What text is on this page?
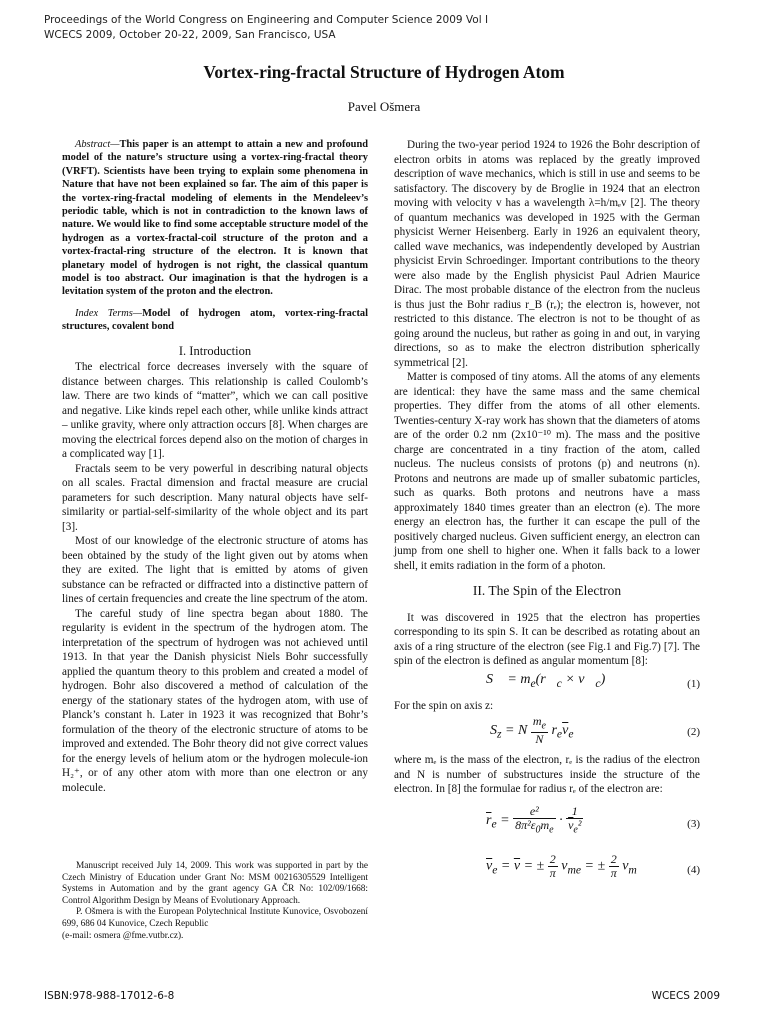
Proceedings of the World Congress on Engineering and Computer Science 2009 Vol I
WCECS 2009, October 20-22, 2009, San Francisco, USA
Vortex-ring-fractal Structure of Hydrogen Atom
Pavel Ošmera

Abstract—This paper is an attempt to attain a new and profound model of the nature’s structure using a vortex-ring-fractal theory (VRFT). Scientists have been trying to explain some phenomena in Nature that have not been explained so far. The aim of this paper is the vortex-ring-fractal modeling of elements in the Mendeleev’s periodic table, which is not in contradiction to the known laws of nature. We would like to find some acceptable structure model of the hydrogen as a vortex-fractal-coil structure of the proton and a vortex-fractal-ring structure of the electron. It is known that planetary model of hydrogen is not right, the classical quantum model is too abstract. Our imagination is that the hydrogen is a levitation system of the proton and the electron.

Index Terms—Model of hydrogen atom, vortex-ring-fractal structures, covalent bond

I. Introduction

The electrical force decreases inversely with the square of distance between charges. This relationship is called Coulomb’s law. There are two kinds of “matter”, which we can call positive and negative. Like kinds repel each other, while unlike kinds attract – unlike gravity, where only attraction occurs [8]. When charges are moving the electrical forces depend also on the motion of charges in a complicated way [1].

Fractals seem to be very powerful in describing natural objects on all scales. Fractal dimension and fractal measure are crucial parameters for such description. Many natural objects have self-similarity or partial-self-similarity of the whole object and its part [3].

Most of our knowledge of the electronic structure of atoms has been obtained by the study of the light given out by atoms when they are exited. The light that is emitted by atoms of given substance can be refracted or diffracted into a distinctive pattern of lines of certain frequencies and create the line spectrum of the atom.

The careful study of line spectra began about 1880. The regularity is evident in the spectrum of the hydrogen atom. The interpretation of the spectrum of hydrogen was not achieved until 1913. In that year the Danish physicist Niels Bohr successfully applied the quantum theory to this problem and created a model of hydrogen. Bohr also discovered a method of calculation of the energy of the stationary states of the hydrogen atom, with use of Planck’s constant h. Later in 1923 it was recognized that Bohr’s formulation of the theory of the electronic structure of atoms to be improved and extended. The Bohr theory did not give correct values for the energy levels of helium atom or the hydrogen molecule-ion H₂⁺, or of any other atom with more than one electron or any molecule.

Manuscript received July 14, 2009. This work was supported in part by the Czech Ministry of Education under Grant No: MSM 00216305529 Intelligent Systems in Automation and by the grant agency GA ČR No: 102/09/1668: Control Algorithm Design by Means of Evolutionary Approach.

P. Ošmera is with the European Polytechnical Institute Kunovice, Osvobození 699, 686 04 Kunovice, Czech Republic

(e-mail: osmera @fme.vutbr.cz).

During the two-year period 1924 to 1926 the Bohr description of electron orbits in atoms was replaced by the greatly improved description of wave mechanics, which is still in use and seems to be satisfactory. The discovery by de Broglie in 1924 that an electron moving with velocity v has a wavelength λ=h/mₑv [2]. The theory of quantum mechanics was developed in 1925 with the German physicist Werner Heisenberg. Early in 1926 an equivalent theory, called wave mechanics, was independently developed by Austrian physicist Ervin Schroedinger. Important contributions to the theory were also made by the English physicist Paul Adrien Maurice Dirac. The most probable distance of the electron from the nucleus is thus just the Bohr radius r_B (rₑ); the electron is, however, not restricted to this distance. The electron is not to be thought of as going around the nucleus, but rather as going in and out, in varying directions, so as to make the electron distribution spherically symmetrical [2].

Matter is composed of tiny atoms. All the atoms of any elements are identical: they have the same mass and the same chemical properties. They differ from the atoms of all other elements. Twenties-century X-ray work has shown that the diameters of atoms are of the order 0.2 nm (2x10⁻¹⁰ m). The mass and the positive charge are concentrated in a tiny fraction of the atom, called nucleus. The nucleus consists of protons (p) and neutrons (n). Protons and neutrons are made up of smaller subatomic particles, such as quarks. Both protons and neutrons have a mass approximately 1840 times greater than an electron (e). The more energy an electron has, the further it can escape the pull of the positively charged nucleus. Given sufficient energy, an electron can jump from one shell to higher one. When it falls back to a lower shell, it emits radiation in the form of a photon.

II. The Spin of the Electron

It was discovered in 1925 that the electron has properties corresponding to its spin S. It can be described as rotating about an axis of a ring structure of the electron (see Fig.1 and Fig.7) [7]. The spin of the electron is defined as angular momentum [8]:

S⃗ = $m_e(r⃗_c$ × $v⃗_c$)	(1)

For the spin on axis z:

$S_z = N \frac{m_e}{N} r_e\overline{v}_e$	(2)

where mₑ is the mass of the electron, rₑ is the radius of the electron and N is number of substructures inside the structure of the electron. In [8] the formulae for radius rₑ of the electron are:

$\overline{r}_e = \frac{\text{e²}}{8\pi^2\varepsilon_0m_e} \cdot \frac{1}{\overline{v}_e^2}$	(3)
$\overline{v}_e = \overline{v}$ = ± $\frac{2}{\pi} v_{me}$ = ± $\frac{2}{\pi} v_m$	(4)
ISBN:978-988-17012-6-8	WCECS 2009
